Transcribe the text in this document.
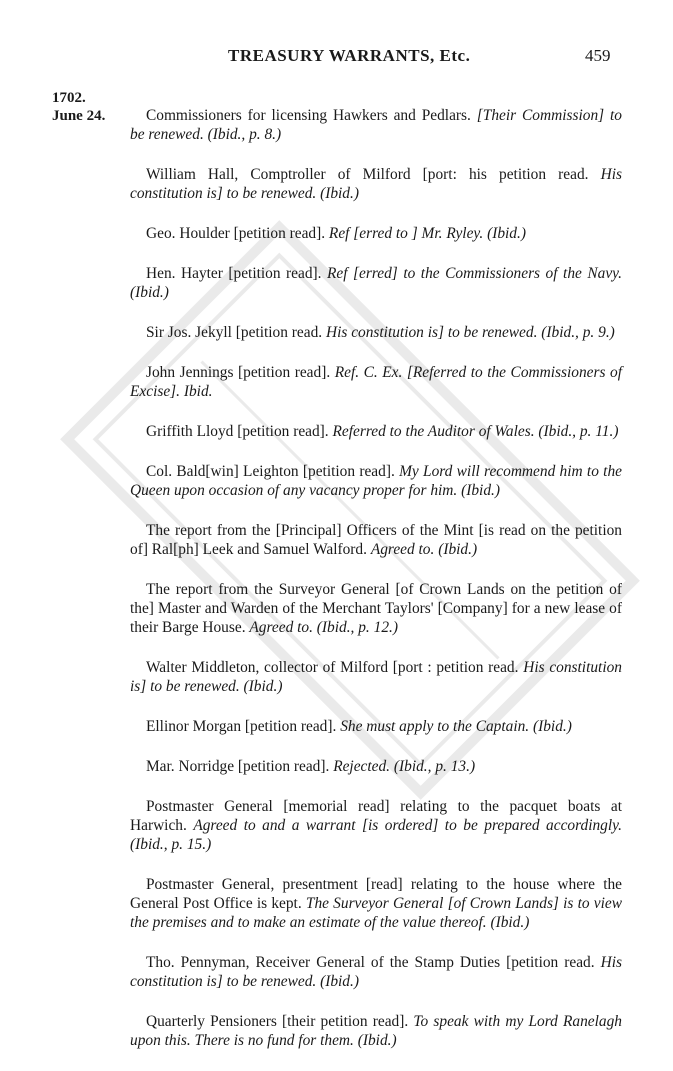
TREASURY WARRANTS, Etc.	459
1702.
June 24.	Commissioners for licensing Hawkers and Pedlars. [Their Commission] to be renewed. (Ibid., p. 8.)

William Hall, Comptroller of Milford [port: his petition read. His constitution is] to be renewed. (Ibid.)

Geo. Houlder [petition read]. Ref [erred to ] Mr. Ryley. (Ibid.)

Hen. Hayter [petition read]. Ref [erred] to the Commissioners of the Navy. (Ibid.)

Sir Jos. Jekyll [petition read. His constitution is] to be renewed. (Ibid., p. 9.)

John Jennings [petition read]. Ref. C. Ex. [Referred to the Commissioners of Excise]. Ibid.

Griffith Lloyd [petition read]. Referred to the Auditor of Wales. (Ibid., p. 11.)

Col. Bald[win] Leighton [petition read]. My Lord will recommend him to the Queen upon occasion of any vacancy proper for him. (Ibid.)

The report from the [Principal] Officers of the Mint [is read on the petition of] Ral[ph] Leek and Samuel Walford. Agreed to. (Ibid.)

The report from the Surveyor General [of Crown Lands on the petition of the] Master and Warden of the Merchant Taylors' [Company] for a new lease of their Barge House. Agreed to. (Ibid., p. 12.)

Walter Middleton, collector of Milford [port : petition read. His constitution is] to be renewed. (Ibid.)

Ellinor Morgan [petition read]. She must apply to the Captain. (Ibid.)

Mar. Norridge [petition read]. Rejected. (Ibid., p. 13.)

Postmaster General [memorial read] relating to the pacquet boats at Harwich. Agreed to and a warrant [is ordered] to be prepared accordingly. (Ibid., p. 15.)

Postmaster General, presentment [read] relating to the house where the General Post Office is kept. The Surveyor General [of Crown Lands] is to view the premises and to make an estimate of the value thereof. (Ibid.)

Tho. Pennyman, Receiver General of the Stamp Duties [petition read. His constitution is] to be renewed. (Ibid.)

Quarterly Pensioners [their petition read]. To speak with my Lord Ranelagh upon this. There is no fund for them. (Ibid.)
